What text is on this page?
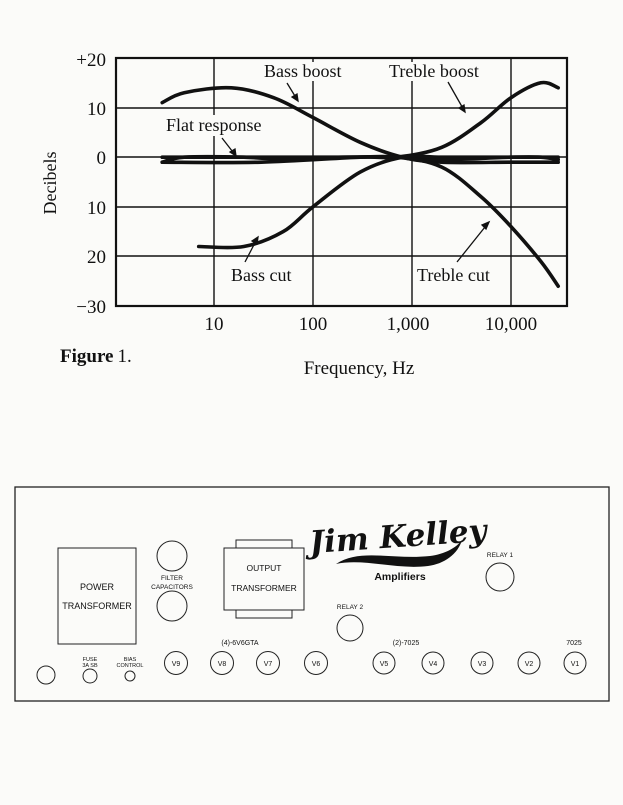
+20
10
0
10
20
−30
10	100	1,000	10,000
Decibels
Frequency, Hz
Figure 1.
Bass boost	Treble boost
Flat response
Bass cut	Treble cut
POWER
TRANSFORMER
FILTER
CAPACITORS
OUTPUT
TRANSFORMER
Jim Kelley
Amplifiers
RELAY 1
RELAY 2
(4)-6V6GTA	(2)-7025	7025
FUSE
3A SB
BIAS
CONTROL	V9	V8	V7	V6	V5	V4	V3	V2	V1
